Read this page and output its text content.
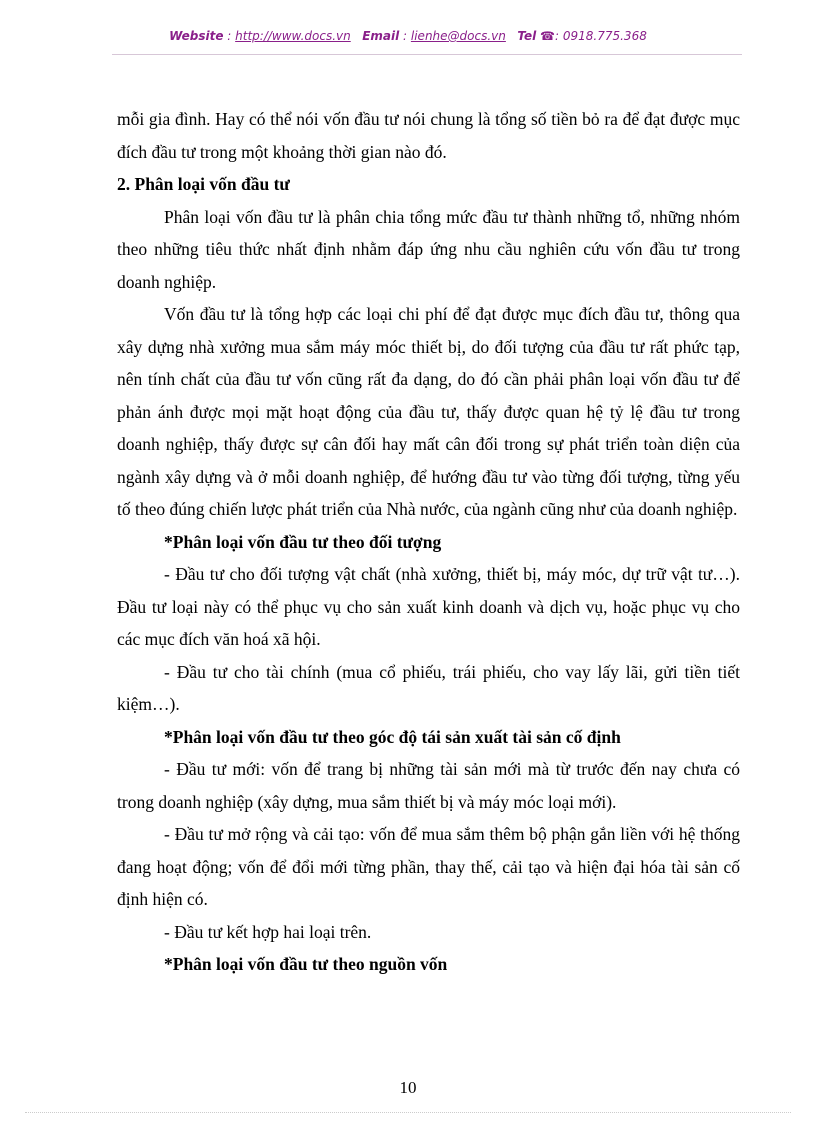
Website : http://www.docs.vn Email : lienhe@docs.vn Tel ☎: 0918.775.368

mỗi gia đình. Hay có thể nói vốn đầu tư nói chung là tổng số tiền bỏ ra để đạt được mục đích đầu tư trong một khoảng thời gian nào đó.

2. Phân loại vốn đầu tư

Phân loại vốn đầu tư là phân chia tổng mức đầu tư thành những tổ, những nhóm theo những tiêu thức nhất định nhằm đáp ứng nhu cầu nghiên cứu vốn đầu tư trong doanh nghiệp.

Vốn đầu tư là tổng hợp các loại chi phí để đạt được mục đích đầu tư, thông qua xây dựng nhà xưởng mua sắm máy móc thiết bị, do đối tượng của đầu tư rất phức tạp, nên tính chất của đầu tư vốn cũng rất đa dạng, do đó cần phải phân loại vốn đầu tư để phản ánh được mọi mặt hoạt động của đầu tư, thấy được quan hệ tỷ lệ đầu tư trong doanh nghiệp, thấy được sự cân đối hay mất cân đối trong sự phát triển toàn diện của ngành xây dựng và ở mỗi doanh nghiệp, để hướng đầu tư vào từng đối tượng, từng yếu tố theo đúng chiến lược phát triển của Nhà nước, của ngành cũng như của doanh nghiệp.

*Phân loại vốn đầu tư theo đối tượng

- Đầu tư cho đối tượng vật chất (nhà xưởng, thiết bị, máy móc, dự trữ vật tư…). Đầu tư loại này có thể phục vụ cho sản xuất kinh doanh và dịch vụ, hoặc phục vụ cho các mục đích văn hoá xã hội.

- Đầu tư cho tài chính (mua cổ phiếu, trái phiếu, cho vay lấy lãi, gửi tiền tiết kiệm…).

*Phân loại vốn đầu tư theo góc độ tái sản xuất tài sản cố định

- Đầu tư mới: vốn để trang bị những tài sản mới mà từ trước đến nay chưa có trong doanh nghiệp (xây dựng, mua sắm thiết bị và máy móc loại mới).

- Đầu tư mở rộng và cải tạo: vốn để mua sắm thêm bộ phận gắn liền với hệ thống đang hoạt động; vốn để đổi mới từng phần, thay thế, cải tạo và hiện đại hóa tài sản cố định hiện có.

- Đầu tư kết hợp hai loại trên.

*Phân loại vốn đầu tư theo nguồn vốn

10
